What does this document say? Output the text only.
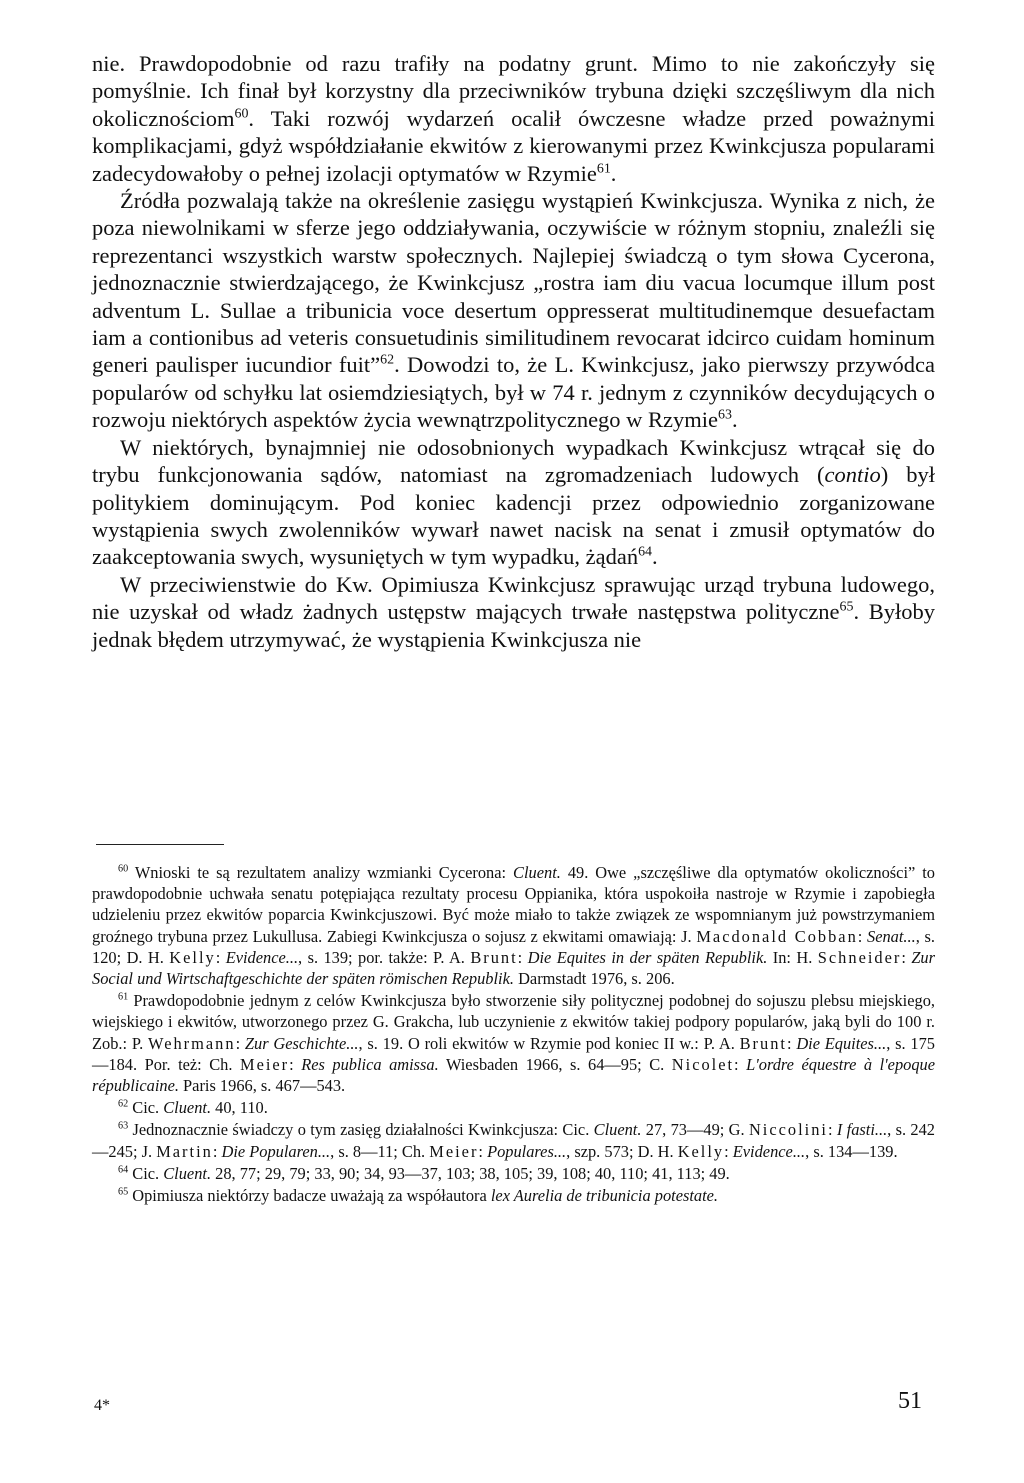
nie. Prawdopodobnie od razu trafiły na podatny grunt. Mimo to nie zakończyły się pomyślnie. Ich finał był korzystny dla przeciwników trybuna dzięki szczęśliwym dla nich okolicznościom$^{60}$. Taki rozwój wydarzeń ocalił ówczesne władze przed poważnymi komplikacjami, gdyż współdziałanie ekwitów z kierowanymi przez Kwinkcjusza popularami zadecydowałoby o pełnej izolacji optymatów w Rzymie$^{61}$.

Źródła pozwalają także na określenie zasięgu wystąpień Kwinkcjusza. Wynika z nich, że poza niewolnikami w sferze jego oddziaływania, oczywiście w różnym stopniu, znaleźli się reprezentanci wszystkich warstw społecznych. Najlepiej świadczą o tym słowa Cycerona, jednoznacznie stwierdzającego, że Kwinkcjusz „rostra iam diu vacua locumque illum post adventum L. Sullae a tribunicia voce desertum oppresserat multitudinemque desuefactam iam a contionibus ad veteris consuetudinis similitudinem revocarat idcirco cuidam hominum generi paulisper iucundior fuit”$^{62}$. Dowodzi to, że L. Kwinkcjusz, jako pierwszy przywódca popularów od schyłku lat osiemdziesiątych, był w 74 r. jednym z czynników decydujących o rozwoju niektórych aspektów życia wewnątrzpolitycznego w Rzymie$^{63}$.

W niektórych, bynajmniej nie odosobnionych wypadkach Kwinkcjusz wtrącał się do trybu funkcjonowania sądów, natomiast na zgromadzeniach ludowych (contio) był politykiem dominującym. Pod koniec kadencji przez odpowiednio zorganizowane wystąpienia swych zwolenników wywarł nawet nacisk na senat i zmusił optymatów do zaakceptowania swych, wysuniętych w tym wypadku, żądań$^{64}$.

W przeciwienstwie do Kw. Opimiusza Kwinkcjusz sprawując urząd trybuna ludowego, nie uzyskał od władz żadnych ustępstw mających trwałe następstwa polityczne$^{65}$. Byłoby jednak błędem utrzymywać, że wystąpienia Kwinkcjusza nie

$^{60}$ Wnioski te są rezultatem analizy wzmianki Cycerona: Cluent. 49. Owe „szczęśliwe dla optymatów okoliczności” to prawdopodobnie uchwała senatu potępiająca rezultaty procesu Oppianika, która uspokoiła nastroje w Rzymie i zapobiegła udzieleniu przez ekwitów poparcia Kwinkcjuszowi. Być może miało to także związek ze wspomnianym już powstrzymaniem groźnego trybuna przez Lukullusa. Zabiegi Kwinkcjusza o sojusz z ekwitami omawiają: J. Macdonald Cobban: Senat..., s. 120; D. H. Kelly: Evidence..., s. 139; por. także: P. A. Brunt: Die Equites in der späten Republik. In: H. Schneider: Zur Social und Wirtschaftgeschichte der späten römischen Republik. Darmstadt 1976, s. 206.

$^{61}$ Prawdopodobnie jednym z celów Kwinkcjusza było stworzenie siły politycznej podobnej do sojuszu plebsu miejskiego, wiejskiego i ekwitów, utworzonego przez G. Grakcha, lub uczynienie z ekwitów takiej podpory popularów, jaką byli do 100 r. Zob.: P. Wehrmann: Zur Geschichte..., s. 19. O roli ekwitów w Rzymie pod koniec II w.: P. A. Brunt: Die Equites..., s. 175—184. Por. też: Ch. Meier: Res publica amissa. Wiesbaden 1966, s. 64—95; C. Nicolet: L'ordre équestre à l'epoque républicaine. Paris 1966, s. 467—543.

$^{62}$ Cic. Cluent. 40, 110.

$^{63}$ Jednoznacznie świadczy o tym zasięg działalności Kwinkcjusza: Cic. Cluent. 27, 73—49; G. Niccolini: I fasti..., s. 242—245; J. Martin: Die Popularen..., s. 8—11; Ch. Meier: Populares..., szp. 573; D. H. Kelly: Evidence..., s. 134—139.

$^{64}$ Cic. Cluent. 28, 77; 29, 79; 33, 90; 34, 93—37, 103; 38, 105; 39, 108; 40, 110; 41, 113; 49.

$^{65}$ Opimiusza niektórzy badacze uważają za współautora lex Aurelia de tribunicia potestate.

4*	51
